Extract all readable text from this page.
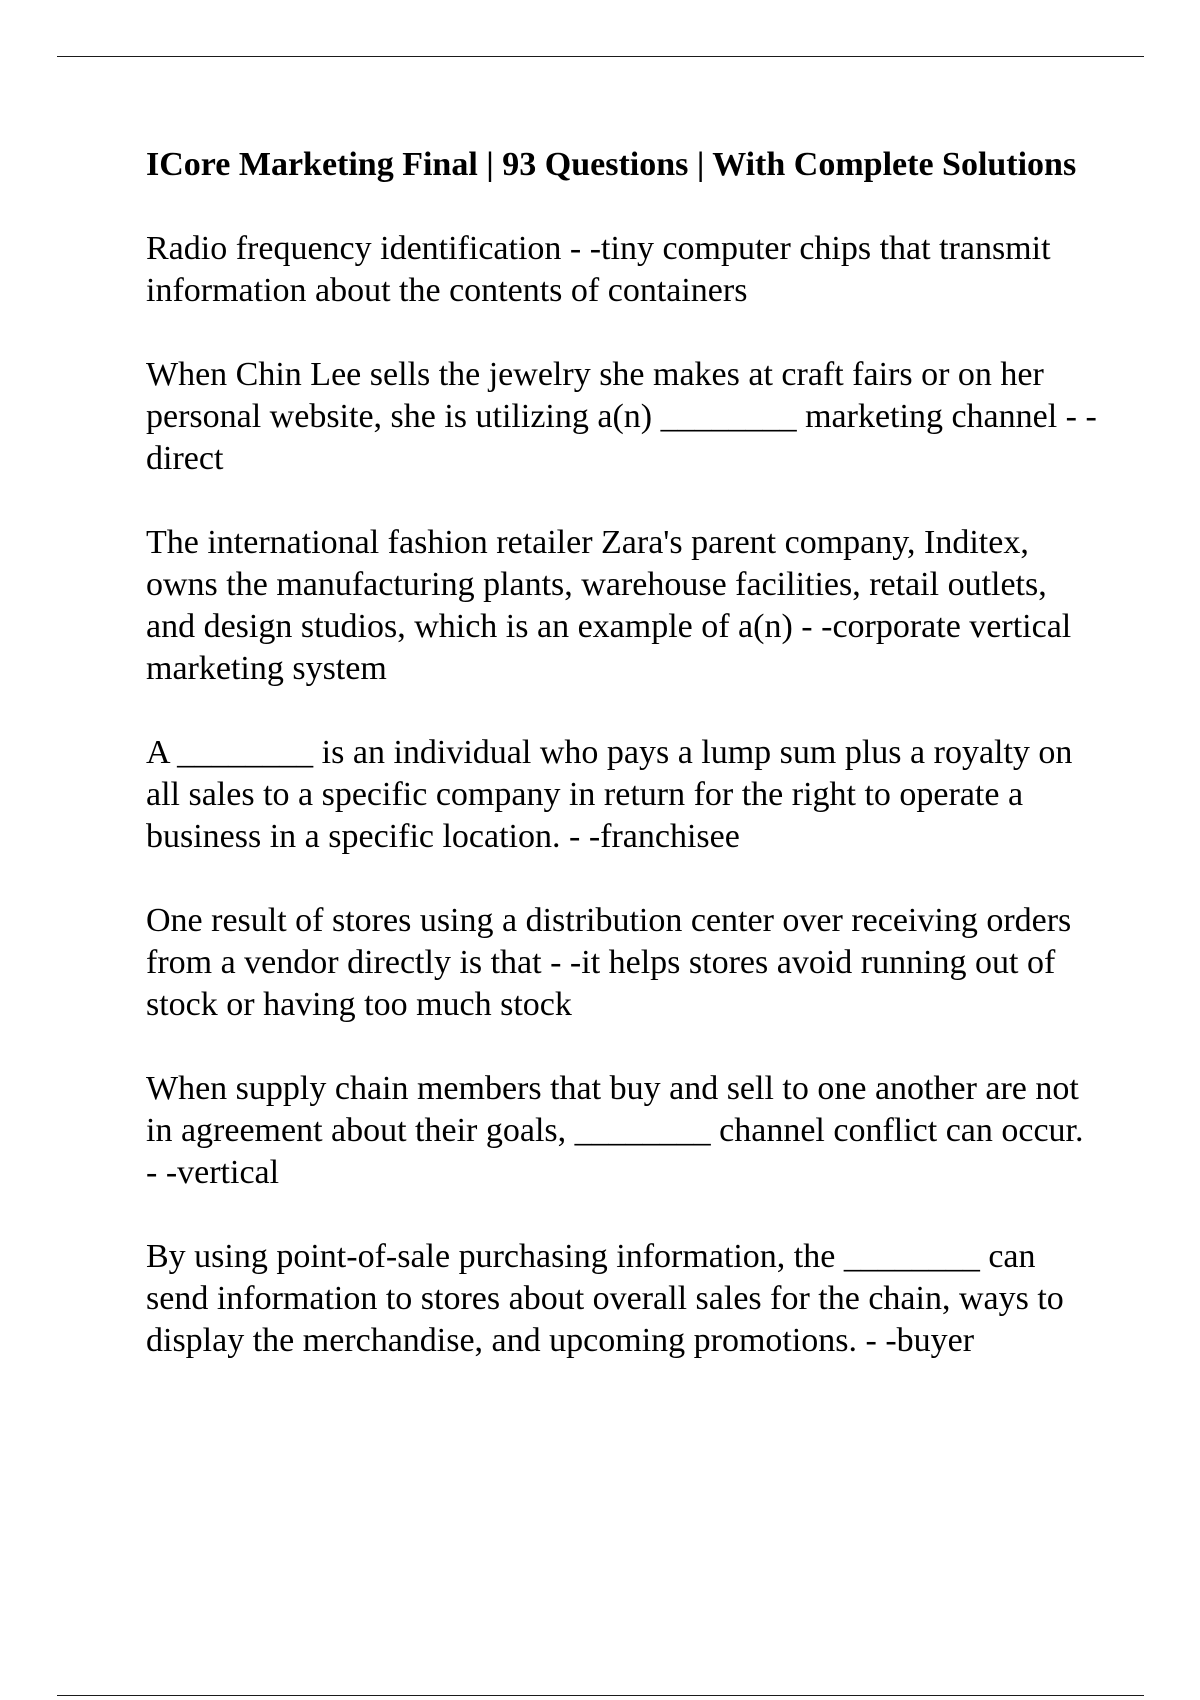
ICore Marketing Final | 93 Questions | With Complete Solutions
Radio frequency identification - -tiny computer chips that transmit information about the contents of containers
When Chin Lee sells the jewelry she makes at craft fairs or on her personal website, she is utilizing a(n) ________ marketing channel - -direct
The international fashion retailer Zara's parent company, Inditex, owns the manufacturing plants, warehouse facilities, retail outlets, and design studios, which is an example of a(n) - -corporate vertical marketing system
A ________ is an individual who pays a lump sum plus a royalty on all sales to a specific company in return for the right to operate a business in a specific location. - -franchisee
One result of stores using a distribution center over receiving orders from a vendor directly is that - -it helps stores avoid running out of stock or having too much stock
When supply chain members that buy and sell to one another are not in agreement about their goals, ________ channel conflict can occur. - -vertical
By using point-of-sale purchasing information, the ________ can send information to stores about overall sales for the chain, ways to display the merchandise, and upcoming promotions. - -buyer
